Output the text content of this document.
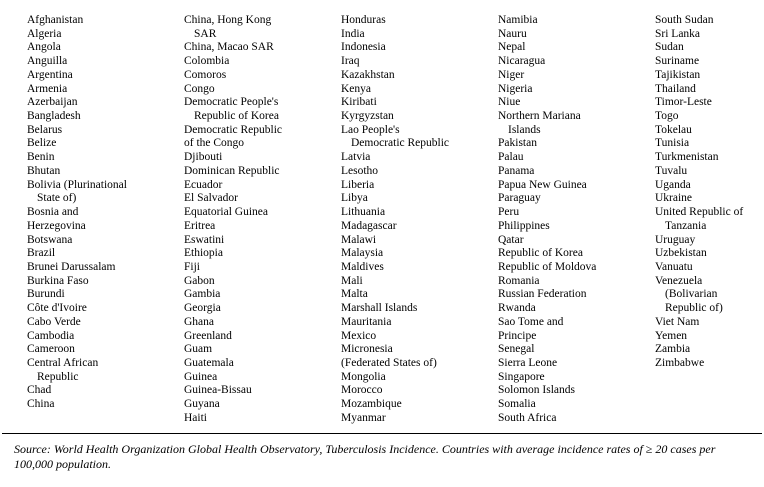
Afghanistan
Algeria
Angola
Anguilla
Argentina
Armenia
Azerbaijan
Bangladesh
Belarus
Belize
Benin
Bhutan
Bolivia (Plurinational
State of)
Bosnia and
Herzegovina
Botswana
Brazil
Brunei Darussalam
Burkina Faso
Burundi
Côte d'Ivoire
Cabo Verde
Cambodia
Cameroon
Central African
Republic
Chad
China
China, Hong Kong
SAR
China, Macao SAR
Colombia
Comoros
Congo
Democratic People's
Republic of Korea
Democratic Republic
of the Congo
Djibouti
Dominican Republic
Ecuador
El Salvador
Equatorial Guinea
Eritrea
Eswatini
Ethiopia
Fiji
Gabon
Gambia
Georgia
Ghana
Greenland
Guam
Guatemala
Guinea
Guinea-Bissau
Guyana
Haiti
Honduras
India
Indonesia
Iraq
Kazakhstan
Kenya
Kiribati
Kyrgyzstan
Lao People's
Democratic Republic
Latvia
Lesotho
Liberia
Libya
Lithuania
Madagascar
Malawi
Malaysia
Maldives
Mali
Malta
Marshall Islands
Mauritania
Mexico
Micronesia
(Federated States of)
Mongolia
Morocco
Mozambique
Myanmar
Namibia
Nauru
Nepal
Nicaragua
Niger
Nigeria
Niue
Northern Mariana
Islands
Pakistan
Palau
Panama
Papua New Guinea
Paraguay
Peru
Philippines
Qatar
Republic of Korea
Republic of Moldova
Romania
Russian Federation
Rwanda
Sao Tome and
Principe
Senegal
Sierra Leone
Singapore
Solomon Islands
Somalia
South Africa
South Sudan
Sri Lanka
Sudan
Suriname
Tajikistan
Thailand
Timor-Leste
Togo
Tokelau
Tunisia
Turkmenistan
Tuvalu
Uganda
Ukraine
United Republic of
Tanzania
Uruguay
Uzbekistan
Vanuatu
Venezuela
(Bolivarian
Republic of)
Viet Nam
Yemen
Zambia
Zimbabwe

Source: World Health Organization Global Health Observatory, Tuberculosis Incidence. Countries with average incidence rates of ≥ 20 cases per 100,000 population.
